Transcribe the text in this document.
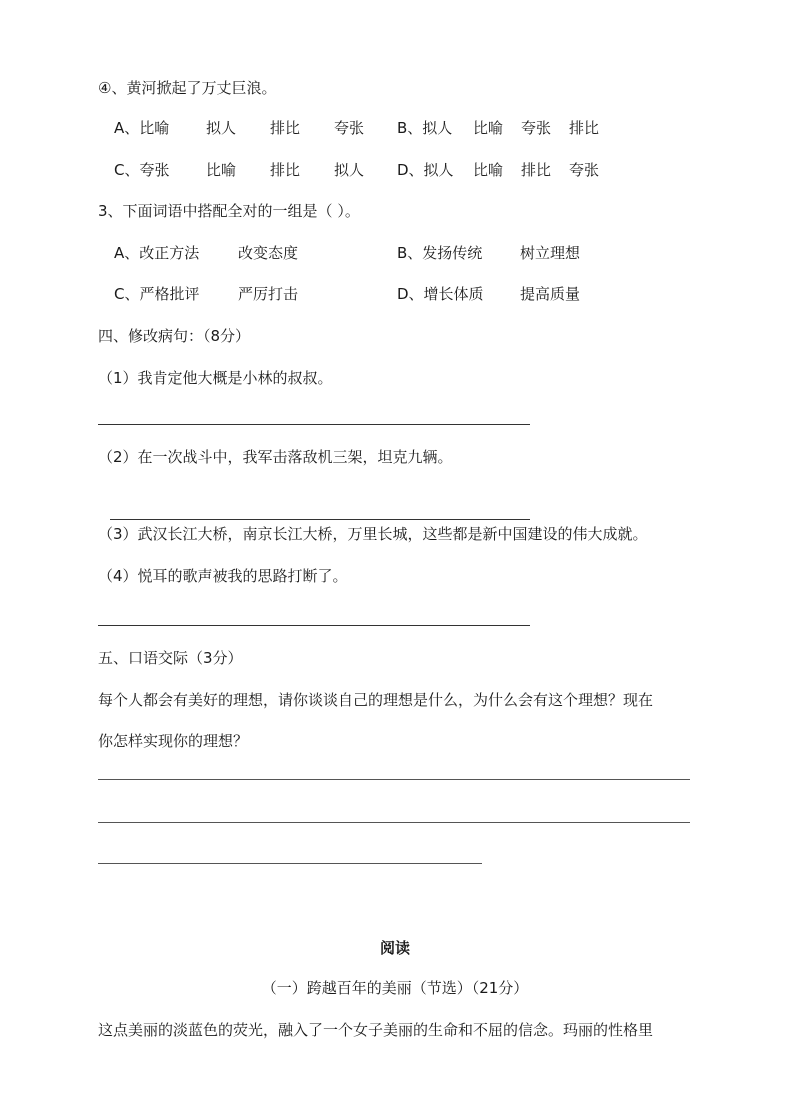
④、黄河掀起了万丈巨浪。
A、比喻 拟人 排比 夸张 B、拟人 比喻 夸张 排比
C、夸张 比喻 排比 拟人 D、拟人 比喻 排比 夸张
3、下面词语中搭配全对的一组是（ ）。
A、改正方法	改变态度	B、发扬传统	树立理想
C、严格批评	严厉打击	D、增长体质 提高质量
四、修改病句：（8分）
（1）我肯定他大概是小林的叔叔。
（2）在一次战斗中，我军击落敌机三架，坦克九辆。
（3）武汉长江大桥，南京长江大桥，万里长城，这些都是新中国建设的伟大成就。
（4）悦耳的歌声被我的思路打断了。
五、口语交际（3分）
每个人都会有美好的理想，请你谈谈自己的理想是什么，为什么会有这个理想？现在
你怎样实现你的理想？
阅读
（一）跨越百年的美丽（节选）（21分）
这点美丽的淡蓝色的荧光，融入了一个女子美丽的生命和不屈的信念。玛丽的性格里
